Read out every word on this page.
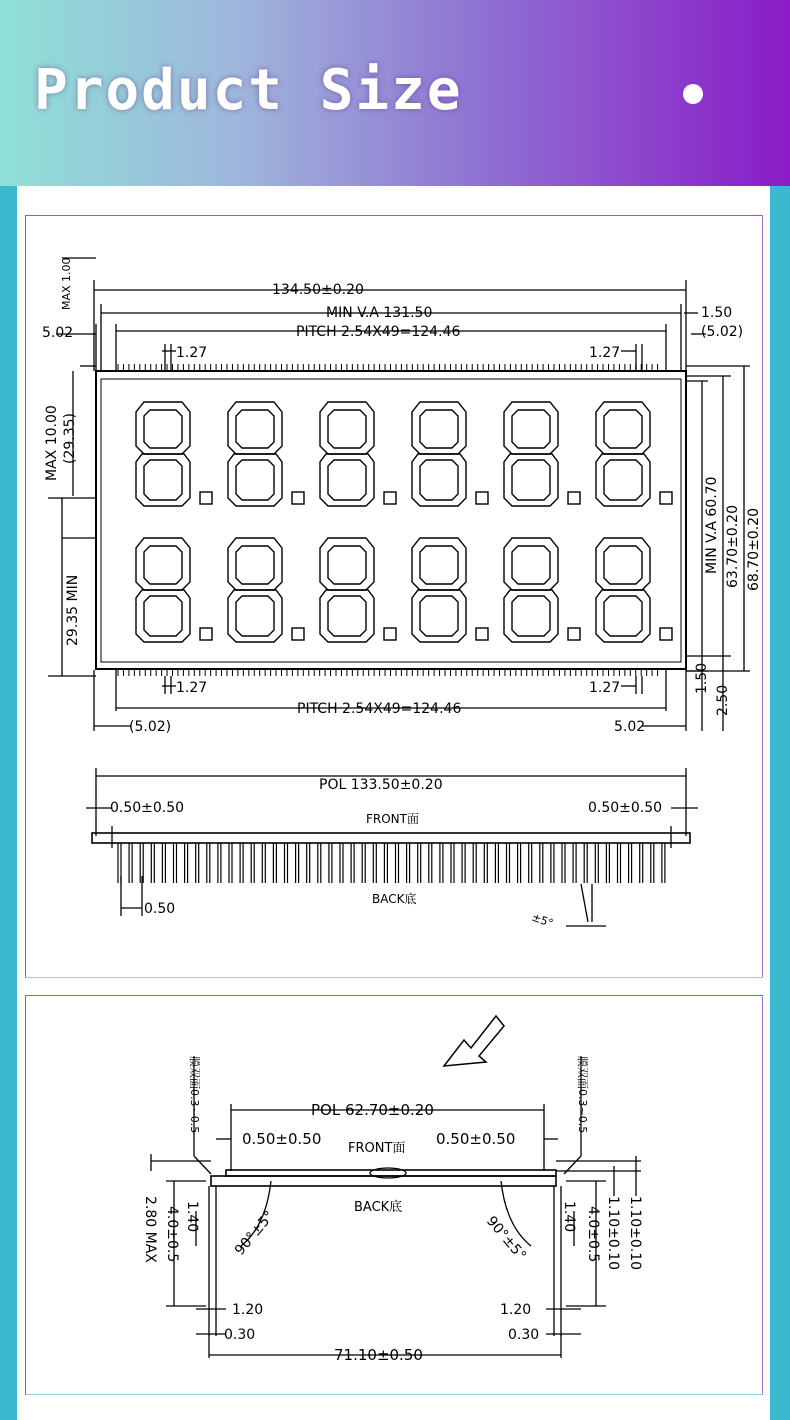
Product Size
MAX 1.00	134.50±0.20
MIN V.A 131.50
PITCH 2.54X49=124.46
5.02
1.50
(5.02)
1.27	1.27
MAX 10.00 (29.35)
29.35 MIN
MIN V.A 60.70 63.70±0.20 68.70±0.20
1.27	1.27
PITCH 2.54X49=124.46
1.50
2.50
(5.02)	5.02
POL 133.50±0.20
0.50±0.50	0.50±0.50
FRONT面
BACK底
0.50
±5°
膜双面0.3~0.5	膜双面0.3~0.5
POL 62.70±0.20
0.50±0.50	0.50±0.50
FRONT面
BACK底
2.80 MAX 4.0±0.5 1.40	1.40 4.0±0.5 1.10±0.10 1.10±0.10
90°±5°	90°±5°
1.20	1.20
0.30	0.30
71.10±0.50
